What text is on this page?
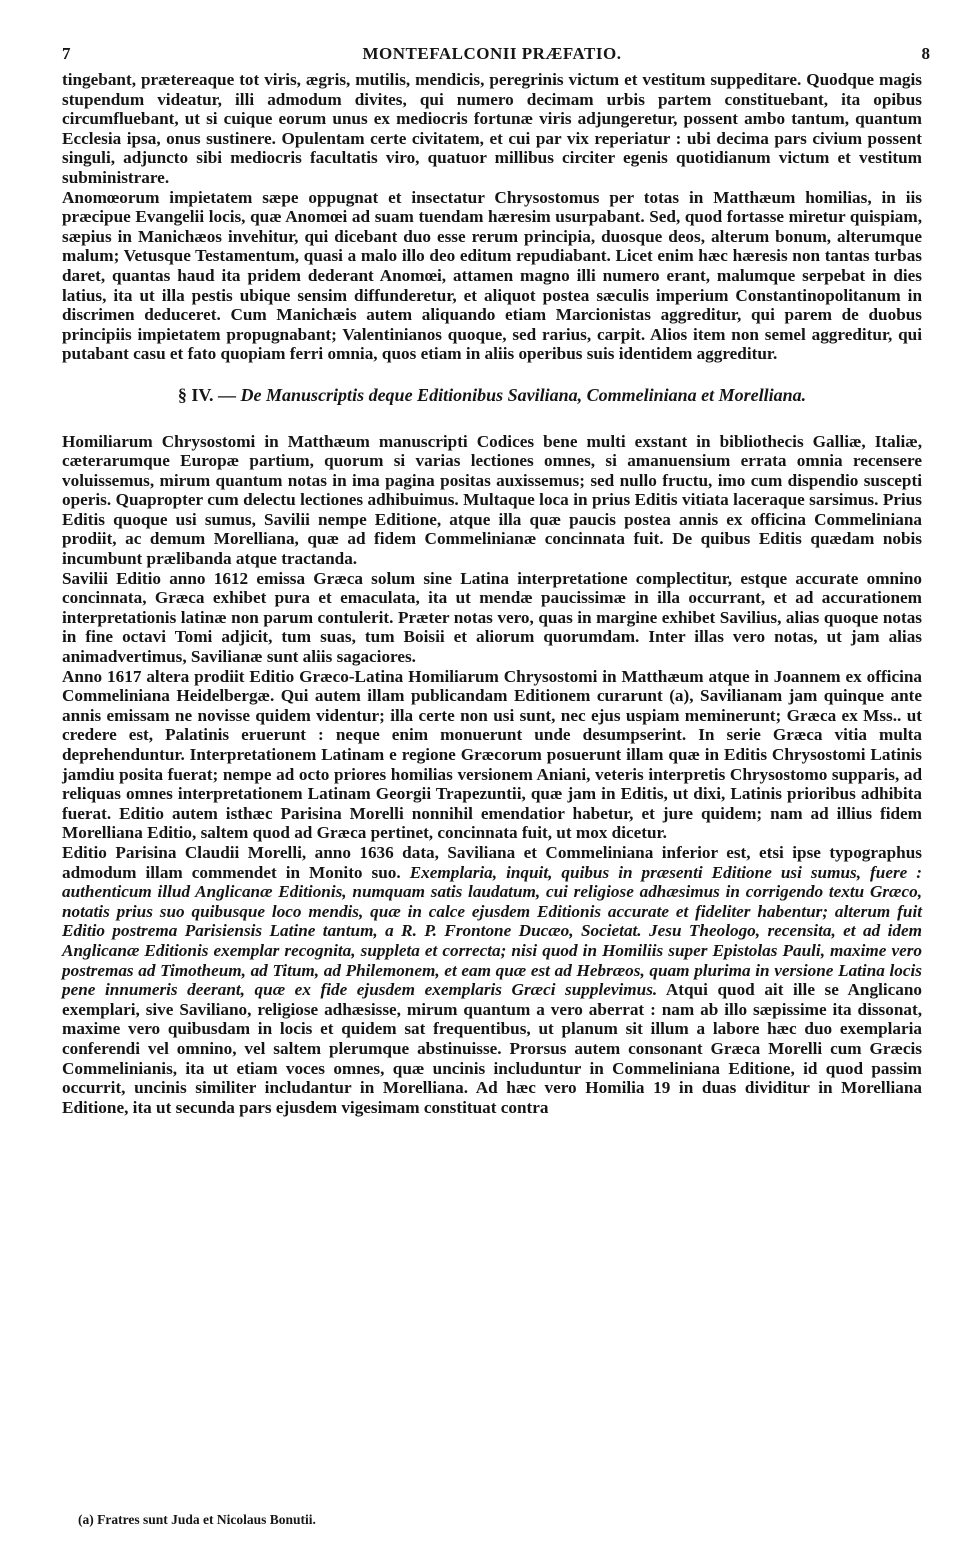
7	MONTEFALCONII PRÆFATIO.	8

tingebant, prætereaque tot viris, ægris, mutilis, mendicis, peregrinis victum et vestitum suppeditare. Quodque magis stupendum videatur, illi admodum divites, qui numero decimam urbis partem constituebant, ita opibus circumfluebant, ut si cuique eorum unus ex mediocris fortunæ viris adjungeretur, possent ambo tantum, quantum Ecclesia ipsa, onus sustinere. Opulentam certe civitatem, et cui par vix reperiatur : ubi decima pars civium possent singuli, adjuncto sibi mediocris facultatis viro, quatuor millibus circiter egenis quotidianum victum et vestitum subministrare.

Anomœorum impietatem sæpe oppugnat et insectatur Chrysostomus per totas in Matthæum homilias, in iis præcipue Evangelii locis, quæ Anomœi ad suam tuendam hæresim usurpabant. Sed, quod fortasse miretur quispiam, sæpius in Manichæos invehitur, qui dicebant duo esse rerum principia, duosque deos, alterum bonum, alterumque malum; Vetusque Testamentum, quasi a malo illo deo editum repudiabant. Licet enim hæc hæresis non tantas turbas daret, quantas haud ita pridem dederant Anomœi, attamen magno illi numero erant, malumque serpebat in dies latius, ita ut illa pestis ubique sensim diffunderetur, et aliquot postea sæculis imperium Constantinopolitanum in discrimen deduceret. Cum Manichæis autem aliquando etiam Marcionistas aggreditur, qui parem de duobus principiis impietatem propugnabant; Valentinianos quoque, sed rarius, carpit. Alios item non semel aggreditur, qui putabant casu et fato quopiam ferri omnia, quos etiam in aliis operibus suis identidem aggreditur.

§ IV. — De Manuscriptis deque Editionibus Saviliana, Commeliniana et Morelliana.

Homiliarum Chrysostomi in Matthæum manuscripti Codices bene multi exstant in bibliothecis Galliæ, Italiæ, cæterarumque Europæ partium, quorum si varias lectiones omnes, si amanuensium errata omnia recensere voluissemus, mirum quantum notas in ima pagina positas auxissemus; sed nullo fructu, imo cum dispendio suscepti operis. Quapropter cum delectu lectiones adhibuimus. Multaque loca in prius Editis vitiata laceraque sarsimus. Prius Editis quoque usi sumus, Savilii nempe Editione, atque illa quæ paucis postea annis ex officina Commeliniana prodiit, ac demum Morelliana, quæ ad fidem Commelinianæ concinnata fuit. De quibus Editis quædam nobis incumbunt prælibanda atque tractanda.

Savilii Editio anno 1612 emissa Græca solum sine Latina interpretatione complectitur, estque accurate omnino concinnata, Græca exhibet pura et emaculata, ita ut mendæ paucissimæ in illa occurrant, et ad accurationem interpretationis latinæ non parum contulerit. Præter notas vero, quas in margine exhibet Savilius, alias quoque notas in fine octavi Tomi adjicit, tum suas, tum Boisii et aliorum quorumdam. Inter illas vero notas, ut jam alias animadvertimus, Savilianæ sunt aliis sagaciores.

Anno 1617 altera prodiit Editio Græco-Latina Homiliarum Chrysostomi in Matthæum atque in Joannem ex officina Commeliniana Heidelbergæ. Qui autem illam publicandam Editionem curarunt (a), Savilianam jam quinque ante annis emissam ne novisse quidem videntur; illa certe non usi sunt, nec ejus uspiam meminerunt; Græca ex Mss.. ut credere est, Palatinis eruerunt : neque enim monuerunt unde desumpserint. In serie Græca vitia multa deprehenduntur. Interpretationem Latinam e regione Græcorum posuerunt illam quæ in Editis Chrysostomi Latinis jamdiu posita fuerat; nempe ad octo priores homilias versionem Aniani, veteris interpretis Chrysostomo supparis, ad reliquas omnes interpretationem Latinam Georgii Trapezuntii, quæ jam in Editis, ut dixi, Latinis prioribus adhibita fuerat. Editio autem isthæc Parisina Morelli nonnihil emendatior habetur, et jure quidem; nam ad illius fidem Morelliana Editio, saltem quod ad Græca pertinet, concinnata fuit, ut mox dicetur.

Editio Parisina Claudii Morelli, anno 1636 data, Saviliana et Commeliniana inferior est, etsi ipse typographus admodum illam commendet in Monito suo. Exemplaria, inquit, quibus in præsenti Editione usi sumus, fuere : authenticum illud Anglicanæ Editionis, numquam satis laudatum, cui religiose adhæsimus in corrigendo textu Græco, notatis prius suo quibusque loco mendis, quæ in calce ejusdem Editionis accurate et fideliter habentur; alterum fuit Editio postrema Parisiensis Latine tantum, a R. P. Frontone Ducæo, Societat. Jesu Theologo, recensita, et ad idem Anglicanæ Editionis exemplar recognita, suppleta et correcta; nisi quod in Homiliis super Epistolas Pauli, maxime vero postremas ad Timotheum, ad Titum, ad Philemonem, et eam quæ est ad Hebræos, quam plurima in versione Latina locis pene innumeris deerant, quæ ex fide ejusdem exemplaris Græci supplevimus. Atqui quod ait ille se Anglicano exemplari, sive Saviliano, religiose adhæsisse, mirum quantum a vero aberrat : nam ab illo sæpissime ita dissonat, maxime vero quibusdam in locis et quidem sat frequentibus, ut planum sit illum a labore hæc duo exemplaria conferendi vel omnino, vel saltem plerumque abstinuisse. Prorsus autem consonant Græca Morelli cum Græcis Commelinianis, ita ut etiam voces omnes, quæ uncinis includuntur in Commeliniana Editione, id quod passim occurrit, uncinis similiter includantur in Morelliana. Ad hæc vero Homilia 19 in duas dividitur in Morelliana Editione, ita ut secunda pars ejusdem vigesimam constituat contra

(a) Fratres sunt Juda et Nicolaus Bonutii.
